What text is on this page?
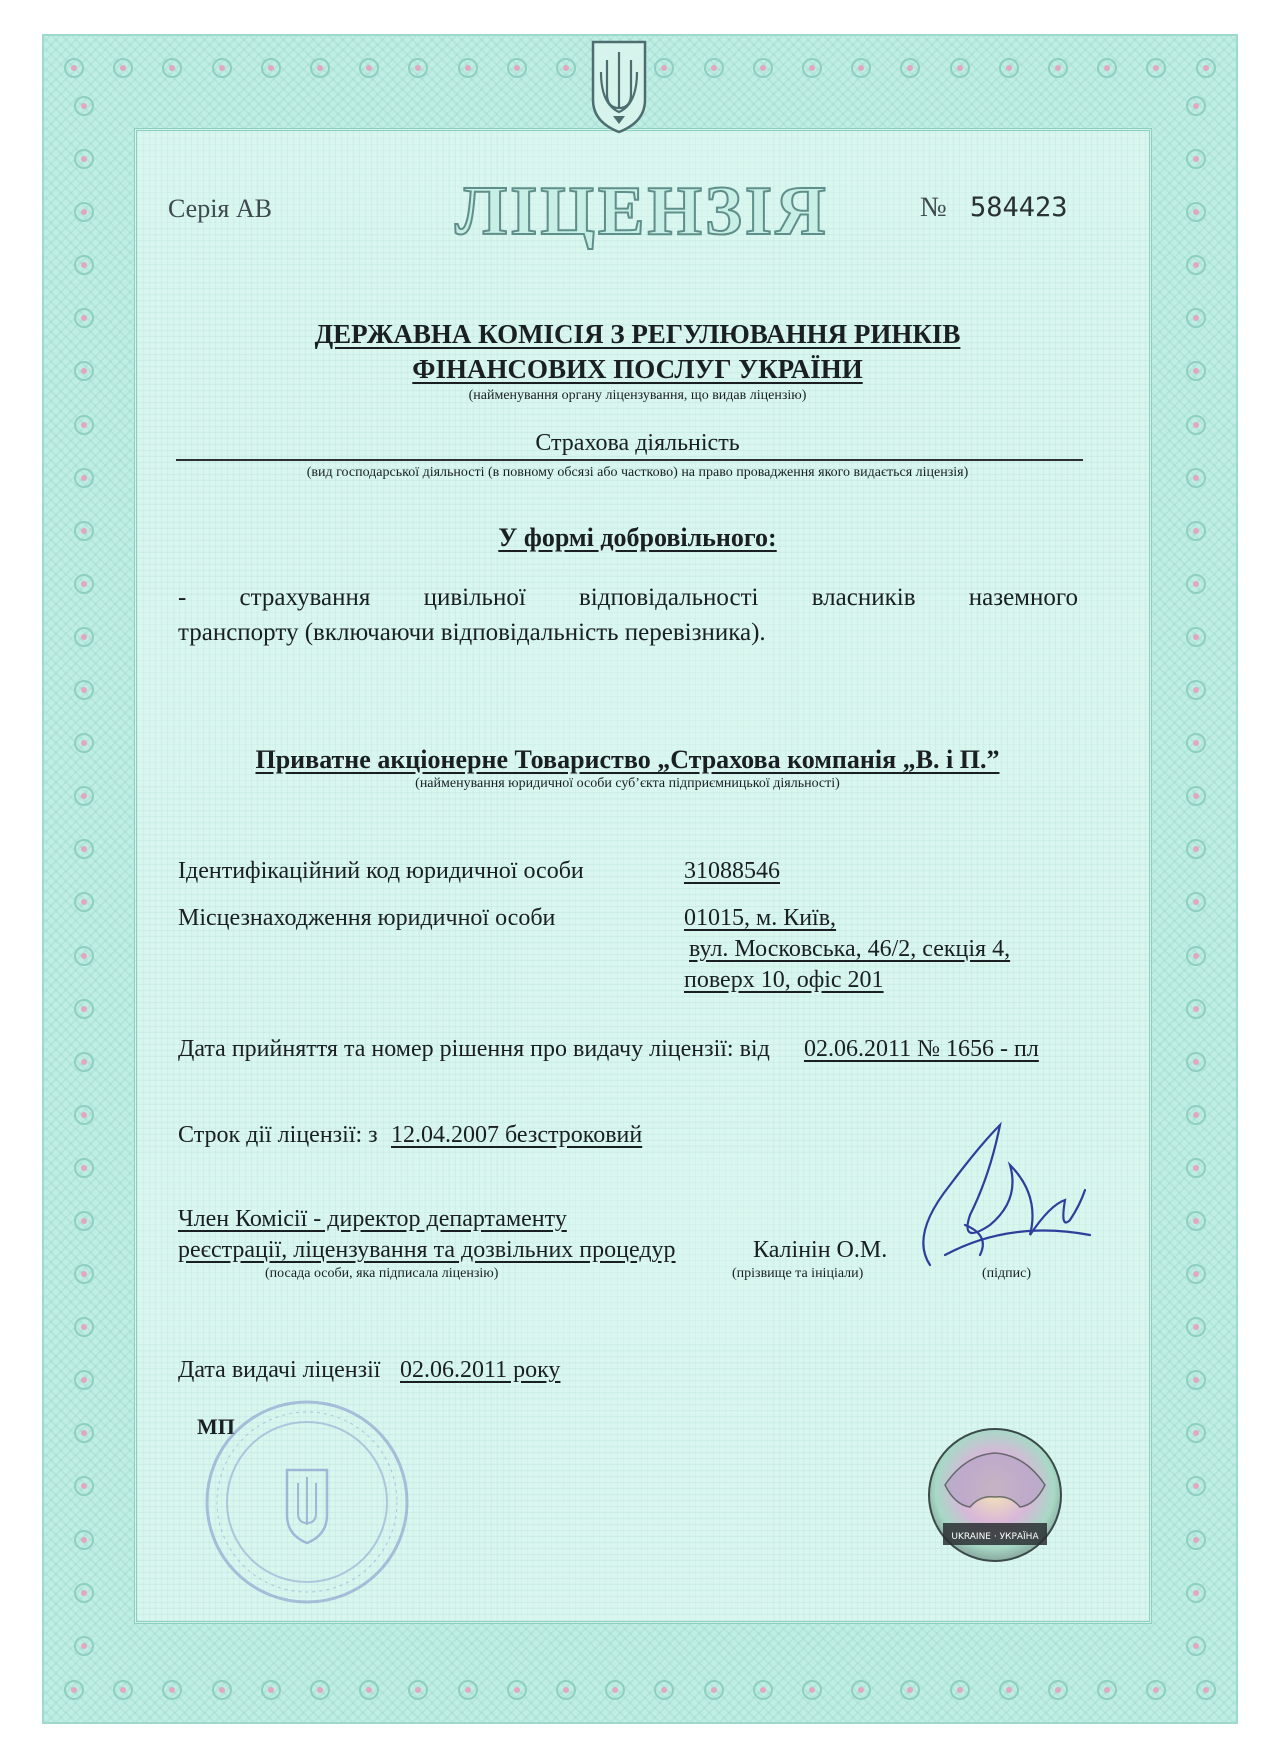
Серія АВ	ЛІЦЕНЗІЯ	№ 584423
ДЕРЖАВНА КОМІСІЯ З РЕГУЛЮВАННЯ РИНКІВ
ФІНАНСОВИХ ПОСЛУГ УКРАЇНИ
(найменування органу ліцензування, що видав ліцензію)
Страхова діяльність
(вид господарської діяльності (в повному обсязі або частково) на право провадження якого видається ліцензія)
У формі добровільного:
- страхування цивільної відповідальності власників наземного
транспорту (включаючи відповідальність перевізника).
Приватне акціонерне Товариство „Страхова компанія „В. і П.”
(найменування юридичної особи суб’єкта підприємницької діяльності)
Ідентифікаційний код юридичної особи	31088546
Місцезнаходження юридичної особи	01015, м. Київ,
вул. Московська, 46/2, секція 4,
поверх 10, офіс 201
Дата прийняття та номер рішення про видачу ліцензії: від 02.06.2011 № 1656 - пл
Строк дії ліцензії: з 12.04.2007 безстроковий
Член Комісії - директор департаменту
реєстрації, ліцензування та дозвільних процедур
(посада особи, яка підписала ліцензію)
Калінін О.М.
(прізвище та ініціали)	(підпис)
Дата видачі ліцензії 02.06.2011 року
МП
UKRAINE · УКРАЇНА
